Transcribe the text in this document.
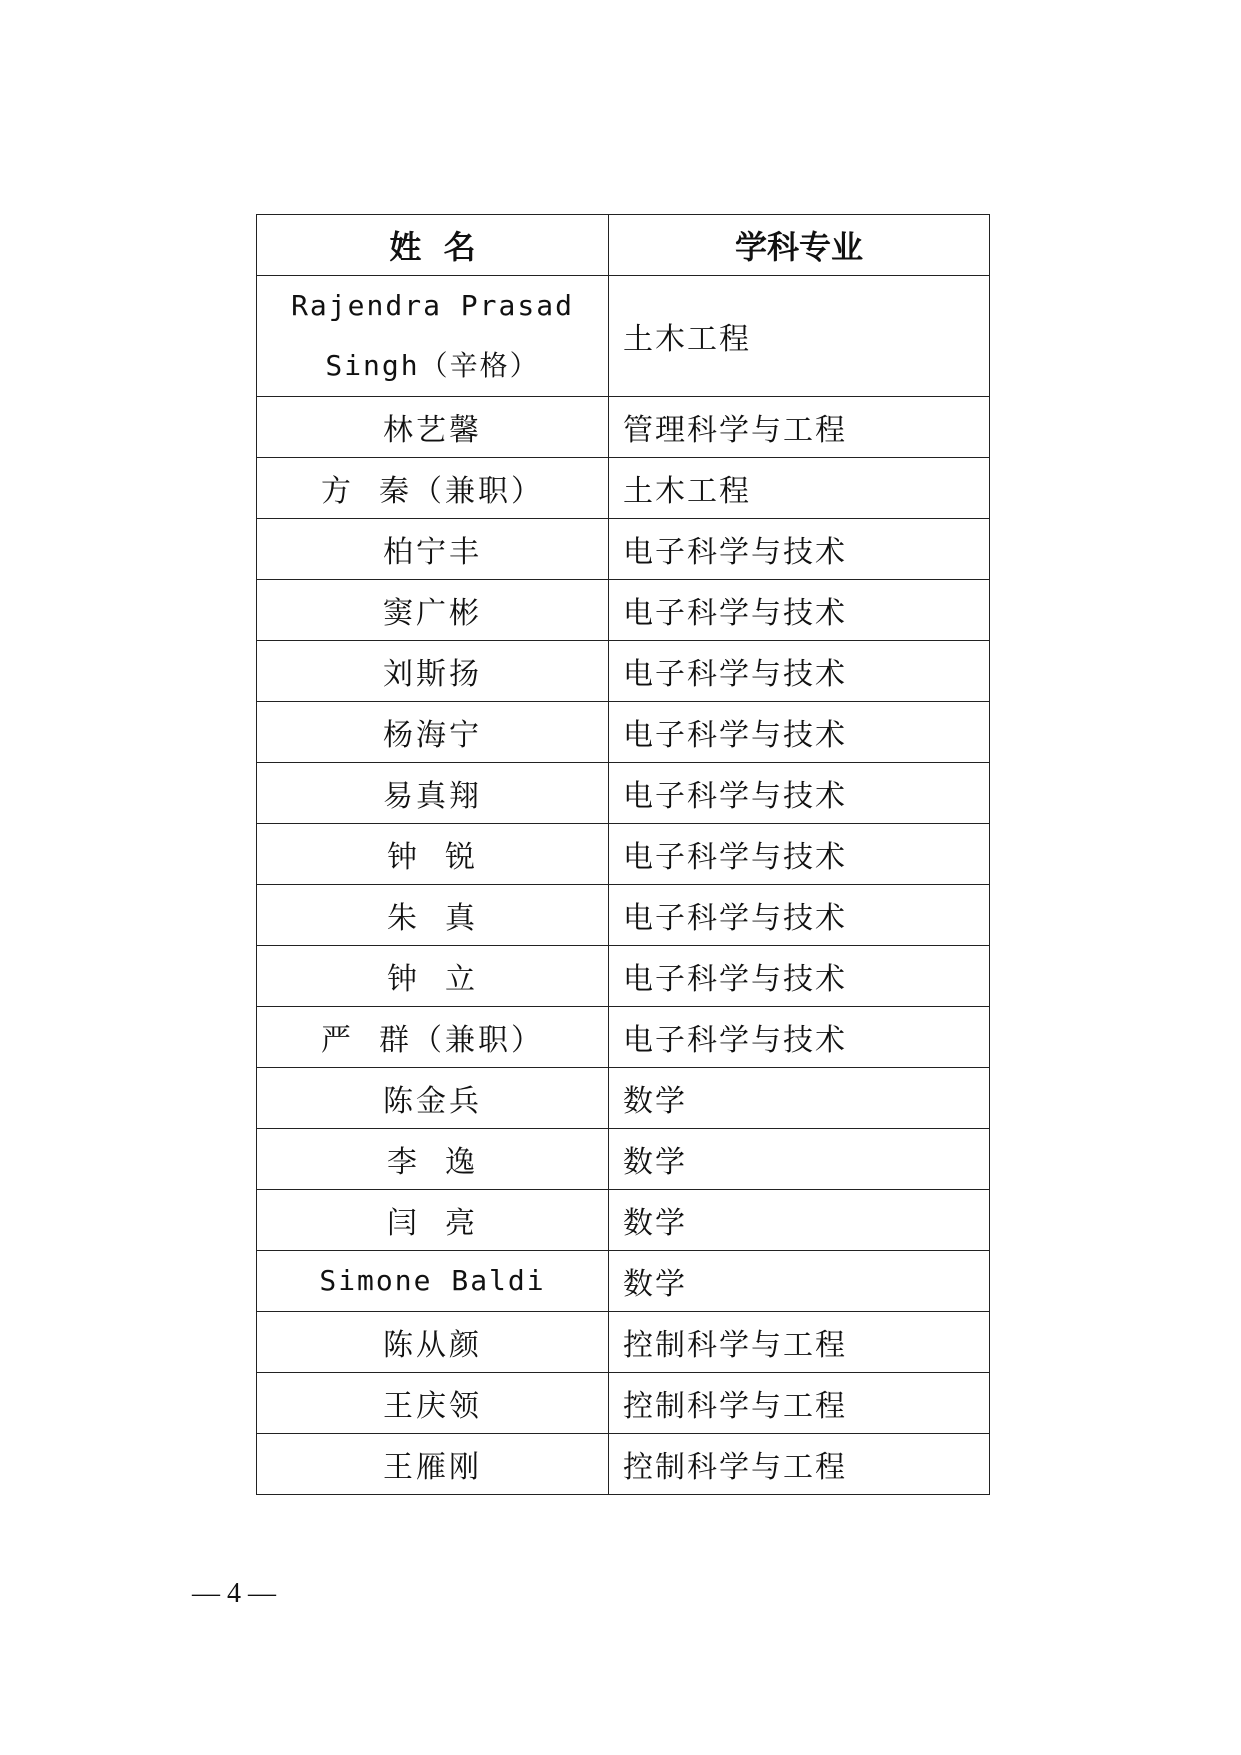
姓  名	学科专业
Rajendra Prasad Singh（辛格）	土木工程
林艺馨	管理科学与工程
方  秦（兼职）	土木工程
柏宁丰	电子科学与技术
窦广彬	电子科学与技术
刘斯扬	电子科学与技术
杨海宁	电子科学与技术
易真翔	电子科学与技术
钟  锐	电子科学与技术
朱  真	电子科学与技术
钟  立	电子科学与技术
严  群（兼职）	电子科学与技术
陈金兵	数学
李  逸	数学
闫  亮	数学
Simone Baldi	数学
陈从颜	控制科学与工程
王庆领	控制科学与工程
王雁刚	控制科学与工程
— 4 —
